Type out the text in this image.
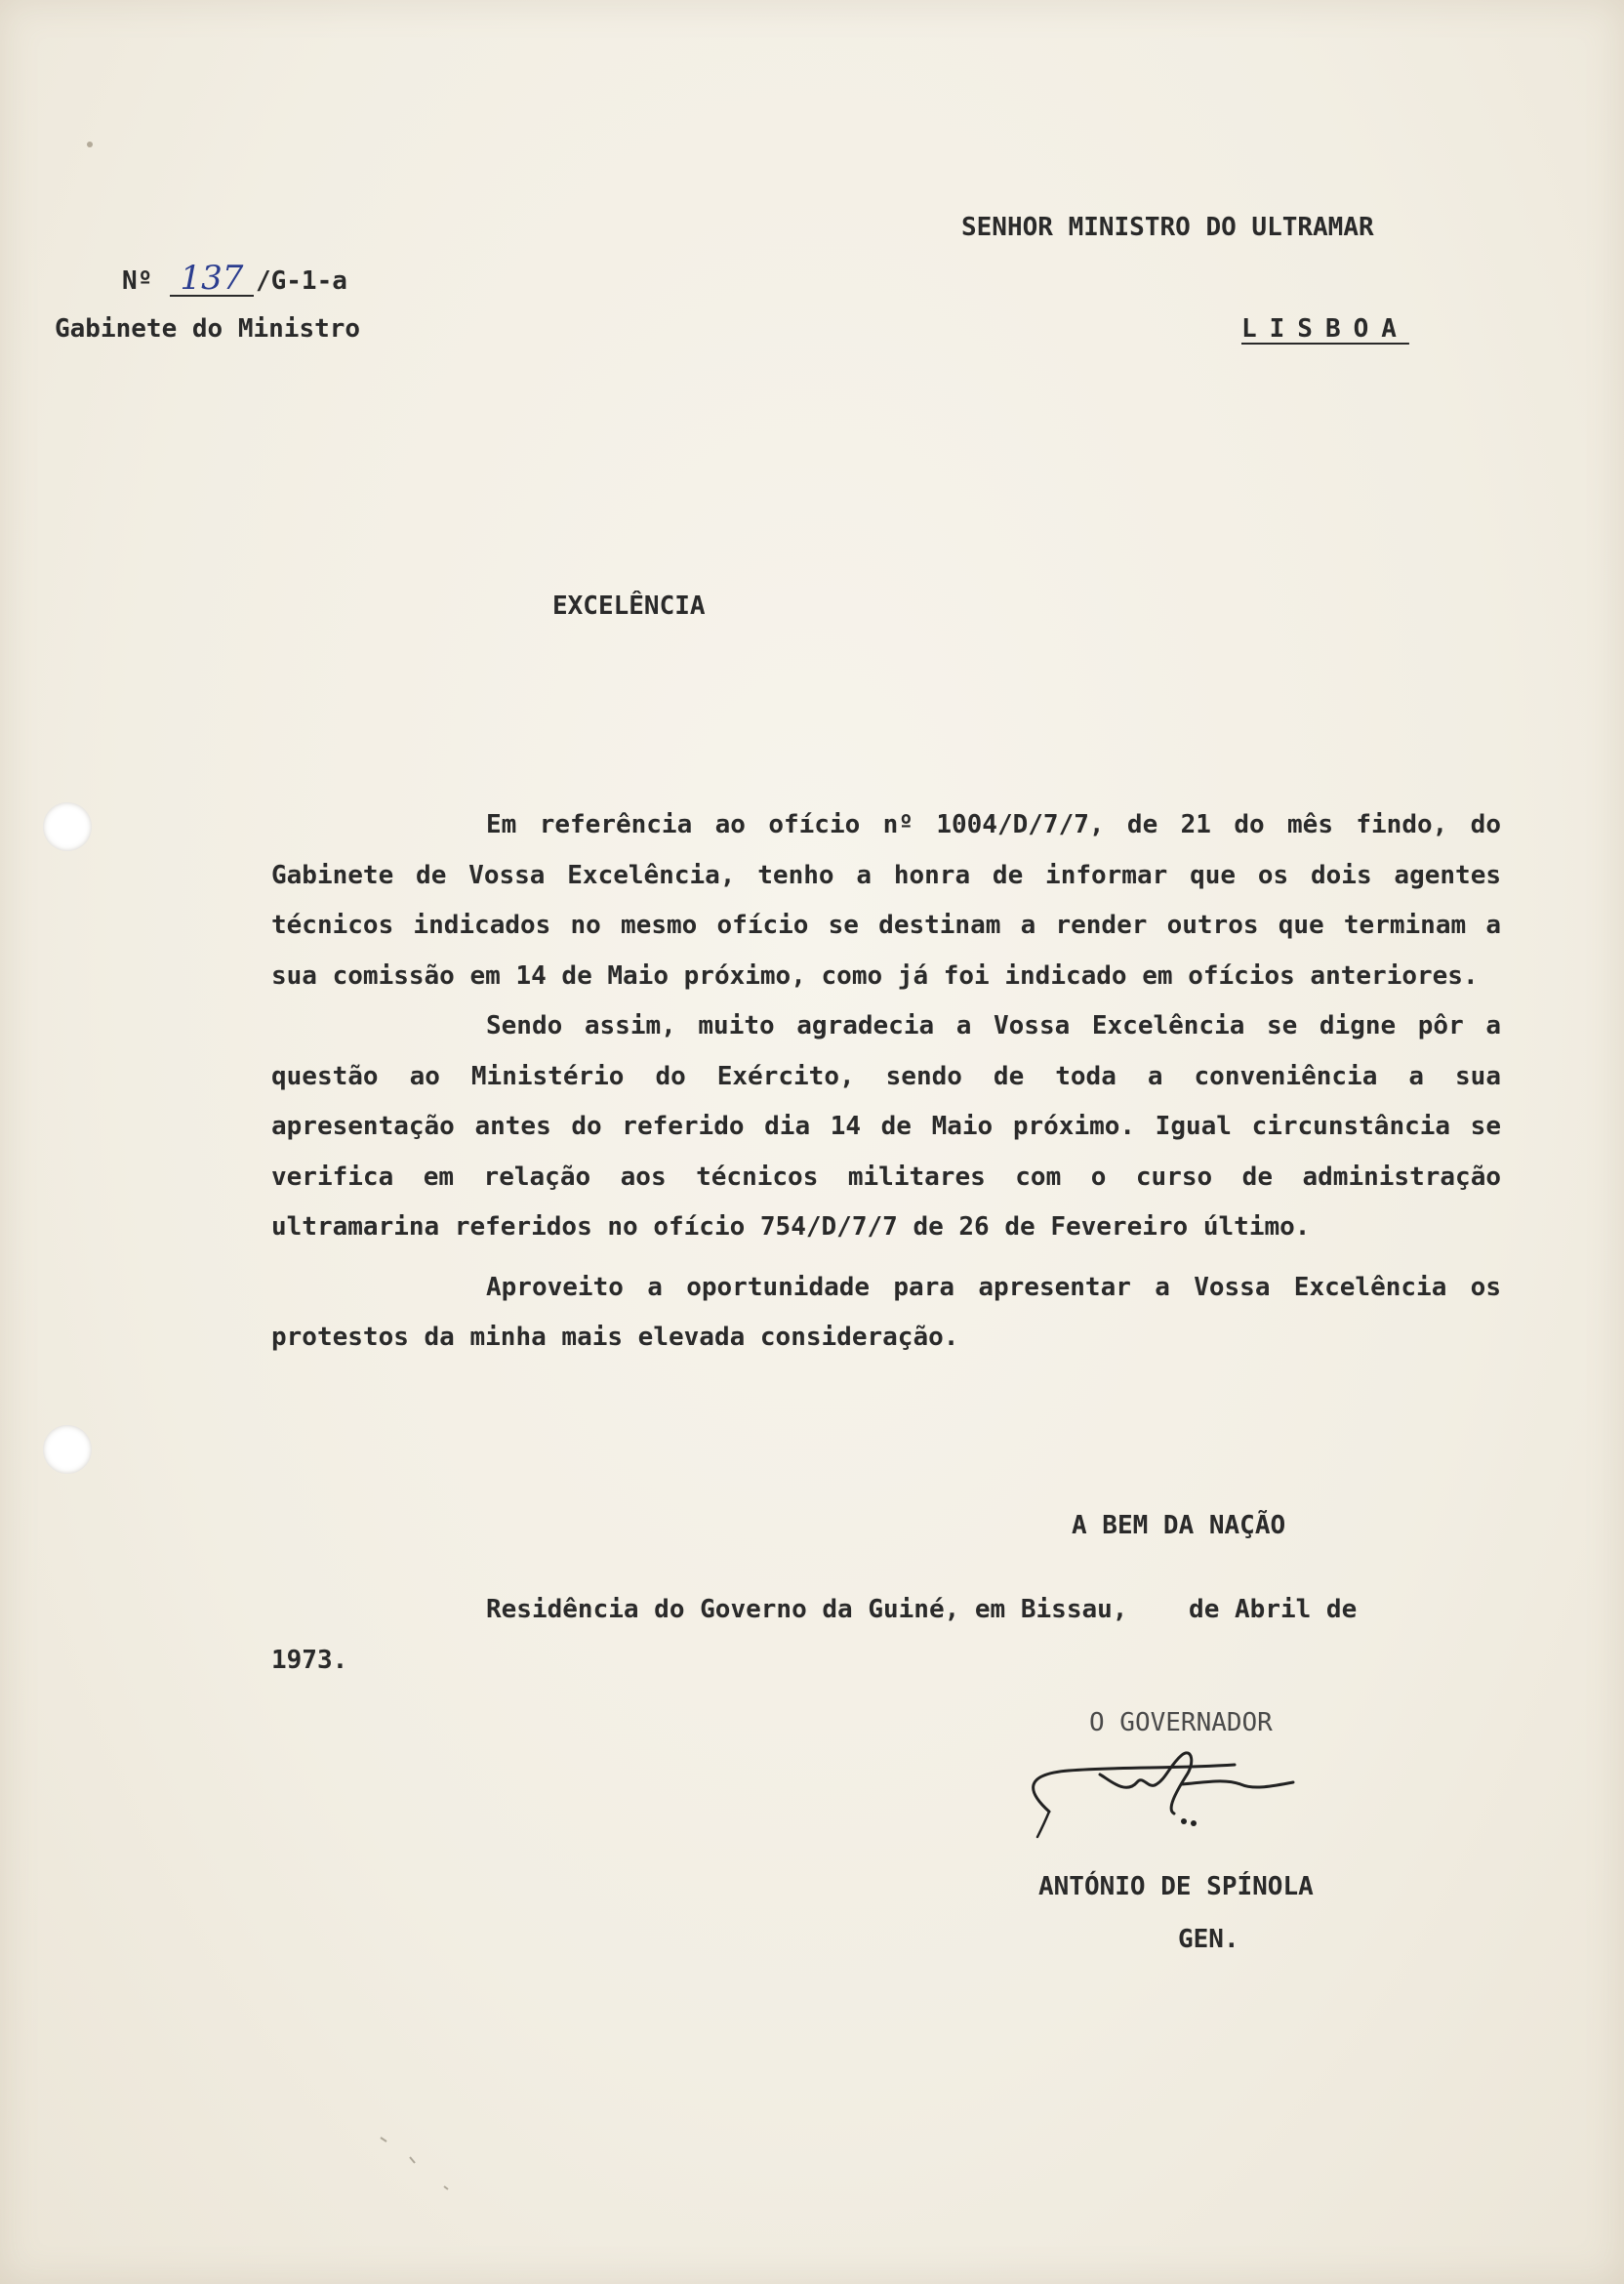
Nº 137 /G-1-a
Gabinete do Ministro
SENHOR MINISTRO DO ULTRAMAR
LISBOA
EXCELÊNCIA

Em referência ao ofício nº 1004/D/7/7, de 21 do mês findo, do Gabinete de Vossa Excelência, tenho a honra de informar que os dois agentes técnicos indicados no mesmo ofício se destinam a render outros que terminam a sua comissão em 14 de Maio próximo, como já foi indicado em ofícios anteriores.

Sendo assim, muito agradecia a Vossa Excelência se digne pôr a questão ao Ministério do Exército, sendo de toda a conveniência a sua apresentação antes do referido dia 14 de Maio próximo. Igual circunstância se verifica em relação aos técnicos militares com o curso de administração ultramarina referidos no ofício 754/D/7/7 de 26 de Fevereiro último.

Aproveito a oportunidade para apresentar a Vossa Excelência os protestos da minha mais elevada consideração.

A BEM DA NAÇÃO
Residência do Governo da Guiné, em Bissau,    de Abril de
1973.
O GOVERNADOR
ANTÓNIO DE SPÍNOLA
GEN.
